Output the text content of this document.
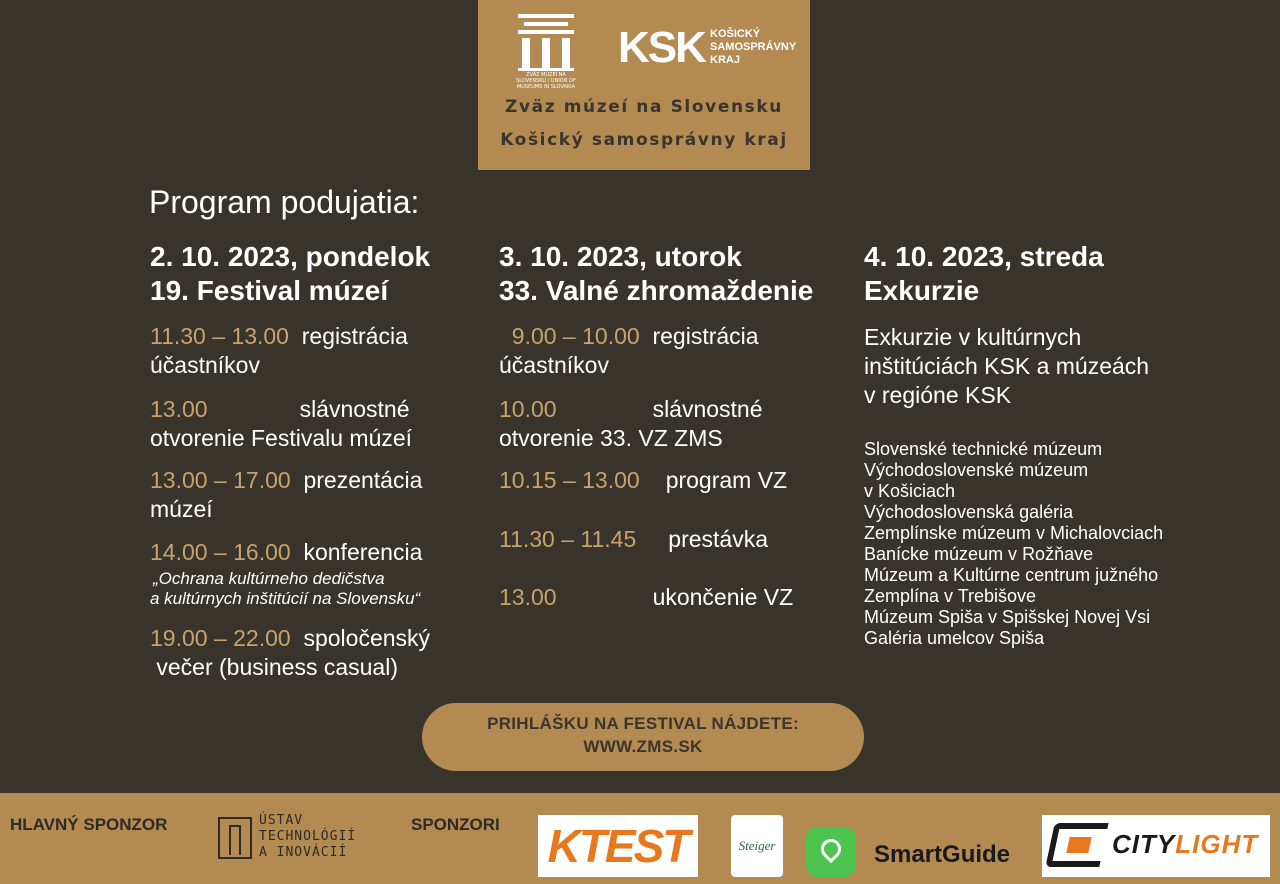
ZVÄZ MÚZEÍ NA SLOVENSKU / UNION OF MUSEUMS IN SLOVAKIA
KSK KOŠICKÝ
SAMOSPRÁVNY
KRAJ
Zväz múzeí na Slovensku
Košický samosprávny kraj
Program podujatia:
2. 10. 2023, pondelok
19. Festival múzeí
11.30 – 13.00 registrácia
účastníkov
13.00	slávnostné
otvorenie Festivalu múzeí
13.00 – 17.00 prezentácia
múzeí
14.00 – 16.00 konferencia
„Ochrana kultúrneho dedičstva
a kultúrnych inštitúcií na Slovensku“
19.00 – 22.00 spoločenský
večer (business casual)
3. 10. 2023, utorok
33. Valné zhromaždenie
9.00 – 10.00 registrácia
účastníkov
10.00	slávnostné
otvorenie 33. VZ ZMS
10.15 – 13.00 program VZ
11.30 – 11.45 prestávka
13.00	ukončenie VZ
4. 10. 2023, streda
Exkurzie
Exkurzie v kultúrnych
inštitúciách KSK a múzeách
v regióne KSK
Slovenské technické múzeum
Východoslovenské múzeum
v Košiciach
Východoslovenská galéria
Zemplínske múzeum v Michalovciach
Banícke múzeum v Rožňave
Múzeum a Kultúrne centrum južného
Zemplína v Trebišove
Múzeum Spiša v Spišskej Novej Vsi
Galéria umelcov Spiša
PRIHLÁŠKU NA FESTIVAL NÁJDETE:
WWW.ZMS.SK
HLAVNÝ SPONZOR	ÚSTAV
TECHNOLÓGIÍ
A INOVÁCIÍ
SPONZORI KTEST	Steiger	SmartGuide	CITYLIGHT
